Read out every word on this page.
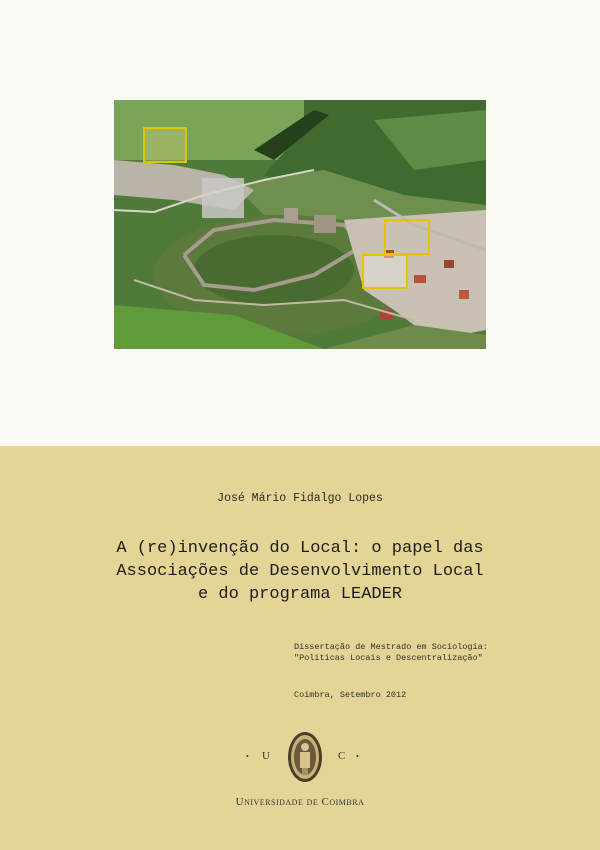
José Mário Fidalgo Lopes
A (re)invenção do Local: o papel das
Associações de Desenvolvimento Local
e do programa LEADER
Dissertação de Mestrado em Sociologia:
"Políticas Locais e Descentralização"
Coimbra, Setembro 2012
• U	C •
Universidade de Coimbra
